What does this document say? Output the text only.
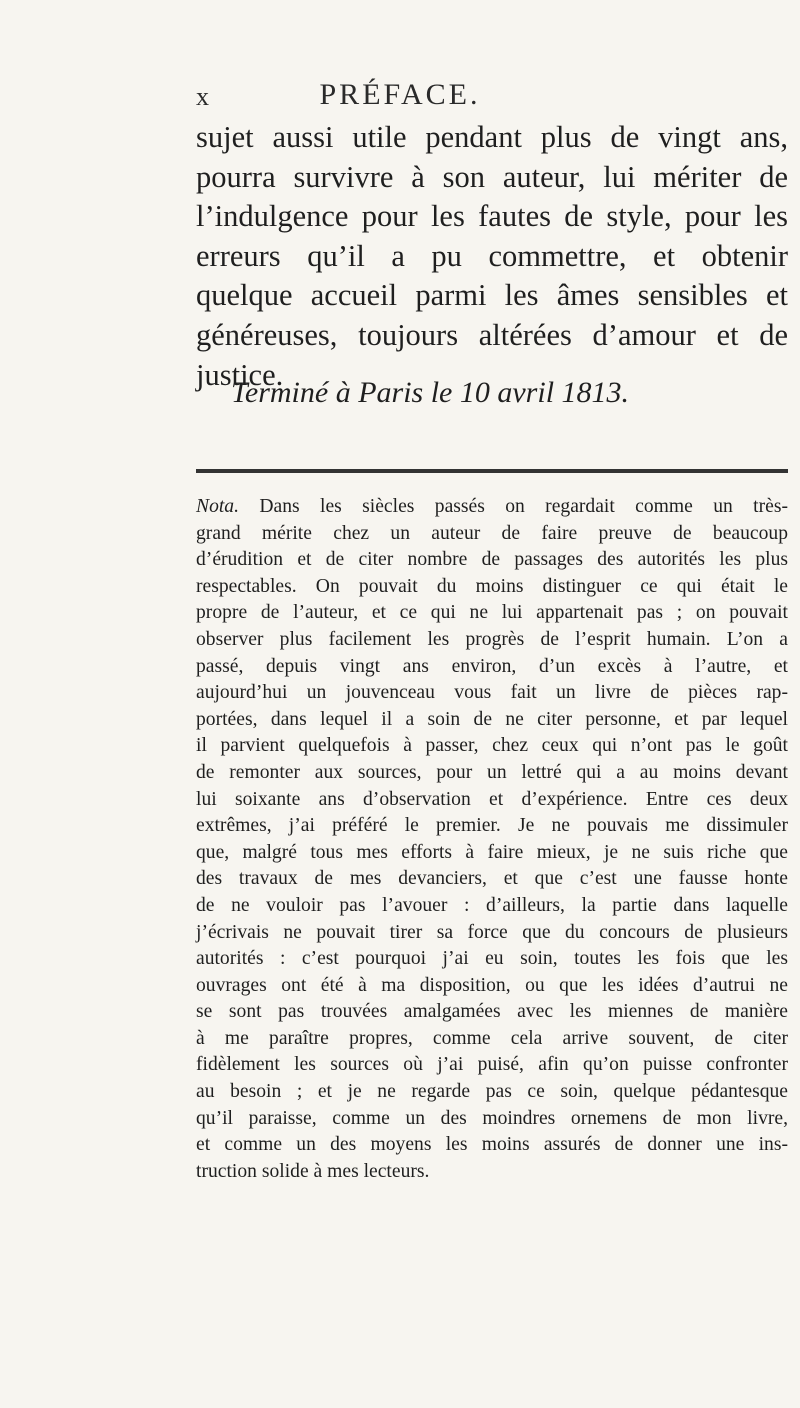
x	PRÉFACE.

sujet aussi utile pendant plus de vingt ans,
pourra survivre à son auteur, lui mériter de
l’indulgence pour les fautes de style, pour les
erreurs qu’il a pu commettre, et obtenir
quelque accueil parmi les âmes sensibles et
généreuses, toujours altérées d’amour et de
justice.

Terminé à Paris le 10 avril 1813.

Nota. Dans les siècles passés on regardait comme un très-
grand mérite chez un auteur de faire preuve de beaucoup
d’érudition et de citer nombre de passages des autorités les plus
respectables. On pouvait du moins distinguer ce qui était le
propre de l’auteur, et ce qui ne lui appartenait pas ; on pouvait
observer plus facilement les progrès de l’esprit humain. L’on a
passé, depuis vingt ans environ, d’un excès à l’autre, et
aujourd’hui un jouvenceau vous fait un livre de pièces rap-
portées, dans lequel il a soin de ne citer personne, et par lequel
il parvient quelquefois à passer, chez ceux qui n’ont pas le goût
de remonter aux sources, pour un lettré qui a au moins devant
lui soixante ans d’observation et d’expérience. Entre ces deux
extrêmes, j’ai préféré le premier. Je ne pouvais me dissimuler
que, malgré tous mes efforts à faire mieux, je ne suis riche que
des travaux de mes devanciers, et que c’est une fausse honte
de ne vouloir pas l’avouer : d’ailleurs, la partie dans laquelle
j’écrivais ne pouvait tirer sa force que du concours de plusieurs
autorités : c’est pourquoi j’ai eu soin, toutes les fois que les
ouvrages ont été à ma disposition, ou que les idées d’autrui ne
se sont pas trouvées amalgamées avec les miennes de manière
à me paraître propres, comme cela arrive souvent, de citer
fidèlement les sources où j’ai puisé, afin qu’on puisse confronter
au besoin ; et je ne regarde pas ce soin, quelque pédantesque
qu’il paraisse, comme un des moindres ornemens de mon livre,
et comme un des moyens les moins assurés de donner une ins-
truction solide à mes lecteurs.
